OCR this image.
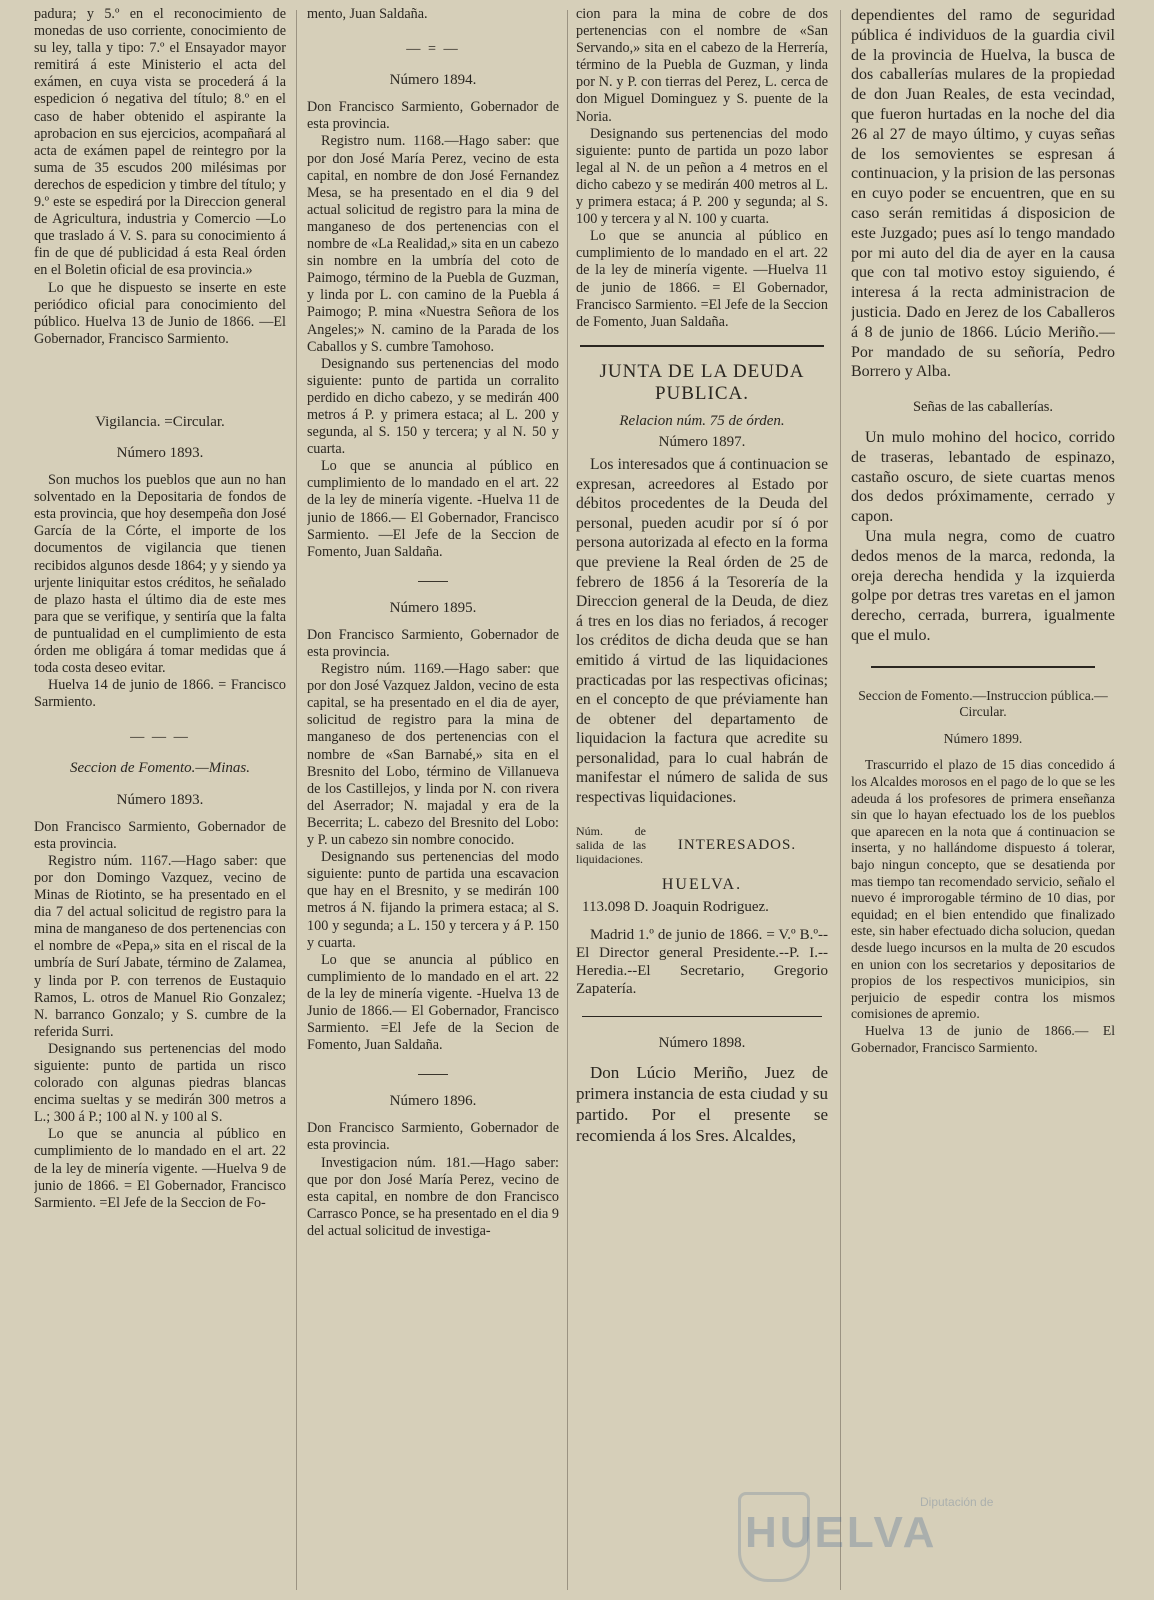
padura; y 5.º en el reconocimiento de monedas de uso corriente, conocimiento de su ley, talla y tipo: 7.º el Ensayador mayor remitirá á este Ministerio el acta del exámen, en cuya vista se procederá á la espedicion ó negativa del título; 8.º en el caso de haber obtenido el aspirante la aprobacion en sus ejercicios, acompañará al acta de exámen papel de reintegro por la suma de 35 escudos 200 milésimas por derechos de espedicion y timbre del título; y 9.º este se espedirá por la Direccion general de Agricultura, industria y Comercio —Lo que traslado á V. S. para su conocimiento á fin de que dé publicidad á esta Real órden en el Boletin oficial de esa provincia.»

Lo que he dispuesto se inserte en este periódico oficial para conocimiento del público. Huelva 13 de Junio de 1866. —El Gobernador, Francisco Sarmiento.

Vigilancia. =Circular.
Número 1893.

Son muchos los pueblos que aun no han solventado en la Depositaria de fondos de esta provincia, que hoy desempeña don José García de la Córte, el importe de los documentos de vigilancia que tienen recibidos algunos desde 1864; y y siendo ya urjente liniquitar estos créditos, he señalado de plazo hasta el último dia de este mes para que se verifique, y sentiría que la falta de puntualidad en el cumplimiento de esta órden me obligára á tomar medidas que á toda costa deseo evitar.

Huelva 14 de junio de 1866. = Francisco Sarmiento.

— — —
Seccion de Fomento.—Minas.
Número 1893.

Don Francisco Sarmiento, Gobernador de esta provincia.

Registro núm. 1167.—Hago saber: que por don Domingo Vazquez, vecino de Minas de Riotinto, se ha presentado en el dia 7 del actual solicitud de registro para la mina de manganeso de dos pertenencias con el nombre de «Pepa,» sita en el riscal de la umbría de Surí Jabate, término de Zalamea, y linda por P. con terrenos de Eustaquio Ramos, L. otros de Manuel Rio Gonzalez; N. barranco Gonzalo; y S. cumbre de la referida Surri.

Designando sus pertenencias del modo siguiente: punto de partida un risco colorado con algunas piedras blancas encima sueltas y se medirán 300 metros a L.; 300 á P.; 100 al N. y 100 al S.

Lo que se anuncia al público en cumplimiento de lo mandado en el art. 22 de la ley de minería vigente. —Huelva 9 de junio de 1866. = El Gobernador, Francisco Sarmiento. =El Jefe de la Seccion de Fo-

mento, Juan Saldaña.

— = —
Número 1894.

Don Francisco Sarmiento, Gobernador de esta provincia.

Registro num. 1168.—Hago saber: que por don José María Perez, vecino de esta capital, en nombre de don José Fernandez Mesa, se ha presentado en el dia 9 del actual solicitud de registro para la mina de manganeso de dos pertenencias con el nombre de «La Realidad,» sita en un cabezo sin nombre en la umbría del coto de Paimogo, término de la Puebla de Guzman, y linda por L. con camino de la Puebla á Paimogo; P. mina «Nuestra Señora de los Angeles;» N. camino de la Parada de los Caballos y S. cumbre Tamohoso.

Designando sus pertenencias del modo siguiente: punto de partida un corralito perdido en dicho cabezo, y se medirán 400 metros á P. y primera estaca; al L. 200 y segunda, al S. 150 y tercera; y al N. 50 y cuarta.

Lo que se anuncia al público en cumplimiento de lo mandado en el art. 22 de la ley de minería vigente. -Huelva 11 de junio de 1866.— El Gobernador, Francisco Sarmiento. —El Jefe de la Seccion de Fomento, Juan Saldaña.

Número 1895.

Don Francisco Sarmiento, Gobernador de esta provincia.

Registro núm. 1169.—Hago saber: que por don José Vazquez Jaldon, vecino de esta capital, se ha presentado en el dia de ayer, solicitud de registro para la mina de manganeso de dos pertenencias con el nombre de «San Barnabé,» sita en el Bresnito del Lobo, término de Villanueva de los Castillejos, y linda por N. con rivera del Aserrador; N. majadal y era de la Becerrita; L. cabezo del Bresnito del Lobo: y P. un cabezo sin nombre conocido.

Designando sus pertenencias del modo siguiente: punto de partida una escavacion que hay en el Bresnito, y se medirán 100 metros á N. fijando la primera estaca; al S. 100 y segunda; a L. 150 y tercera y á P. 150 y cuarta.

Lo que se anuncia al público en cumplimiento de lo mandado en el art. 22 de la ley de minería vigente. -Huelva 13 de Junio de 1866.— El Gobernador, Francisco Sarmiento. =El Jefe de la Secion de Fomento, Juan Saldaña.

Número 1896.

Don Francisco Sarmiento, Gobernador de esta provincia.

Investigacion núm. 181.—Hago saber: que por don José María Perez, vecino de esta capital, en nombre de don Francisco Carrasco Ponce, se ha presentado en el dia 9 del actual solicitud de investiga-

cion para la mina de cobre de dos pertenencias con el nombre de «San Servando,» sita en el cabezo de la Herrería, término de la Puebla de Guzman, y linda por N. y P. con tierras del Perez, L. cerca de don Miguel Dominguez y S. puente de la Noria.

Designando sus pertenencias del modo siguiente: punto de partida un pozo labor legal al N. de un peñon a 4 metros en el dicho cabezo y se medirán 400 metros al L. y primera estaca; á P. 200 y segunda; al S. 100 y tercera y al N. 100 y cuarta.

Lo que se anuncia al público en cumplimiento de lo mandado en el art. 22 de la ley de minería vigente. —Huelva 11 de junio de 1866. = El Gobernador, Francisco Sarmiento. =El Jefe de la Seccion de Fomento, Juan Saldaña.

JUNTA DE LA DEUDA PUBLICA.
Relacion núm. 75 de órden.
Número 1897.

Los interesados que á continuacion se expresan, acreedores al Estado por débitos procedentes de la Deuda del personal, pueden acudir por sí ó por persona autorizada al efecto en la forma que previene la Real órden de 25 de febrero de 1856 á la Tesorería de la Direccion general de la Deuda, de diez á tres en los dias no feriados, á recoger los créditos de dicha deuda que se han emitido á virtud de las liquidaciones practicadas por las respectivas oficinas; en el concepto de que préviamente han de obtener del departamento de liquidacion la factura que acredite su personalidad, para lo cual habrán de manifestar el número de salida de sus respectivas liquidaciones.

Núm. de salida de las liquidaciones.
INTERESADOS.
HUELVA.
113.098 D. Joaquin Rodriguez.

Madrid 1.º de junio de 1866. = V.º B.º--El Director general Presidente.--P. I.--Heredia.--El Secretario, Gregorio Zapatería.

Número 1898.

Don Lúcio Meriño, Juez de primera instancia de esta ciudad y su partido. Por el presente se recomienda á los Sres. Alcaldes,

dependientes del ramo de seguridad pública é individuos de la guardia civil de la provincia de Huelva, la busca de dos caballerías mulares de la propiedad de don Juan Reales, de esta vecindad, que fueron hurtadas en la noche del dia 26 al 27 de mayo último, y cuyas señas de los semovientes se espresan á continuacion, y la prision de las personas en cuyo poder se encuentren, que en su caso serán remitidas á disposicion de este Juzgado; pues así lo tengo mandado por mi auto del dia de ayer en la causa que con tal motivo estoy siguiendo, é interesa á la recta administracion de justicia. Dado en Jerez de los Caballeros á 8 de junio de 1866. Lúcio Meriño.—Por mandado de su señoría, Pedro Borrero y Alba.

Señas de las caballerías.

Un mulo mohino del hocico, corrido de traseras, lebantado de espinazo, castaño oscuro, de siete cuartas menos dos dedos próximamente, cerrado y capon.

Una mula negra, como de cuatro dedos menos de la marca, redonda, la oreja derecha hendida y la izquierda golpe por detras tres varetas en el jamon derecho, cerrada, burrera, igualmente que el mulo.

Seccion de Fomento.—Instruccion pública.—Circular.
Número 1899.

Trascurrido el plazo de 15 dias concedido á los Alcaldes morosos en el pago de lo que se les adeuda á los profesores de primera enseñanza sin que lo hayan efectuado los de los pueblos que aparecen en la nota que á continuacion se inserta, y no hallándome dispuesto á tolerar, bajo ningun concepto, que se desatienda por mas tiempo tan recomendado servicio, señalo el nuevo é improrogable término de 10 dias, por equidad; en el bien entendido que finalizado este, sin haber efectuado dicha solucion, quedan desde luego incursos en la multa de 20 escudos en union con los secretarios y depositarios de propios de los respectivos municipios, sin perjuicio de espedir contra los mismos comisiones de apremio.

Huelva 13 de junio de 1866.— El Gobernador, Francisco Sarmiento.

Diputación de
HUELVA
